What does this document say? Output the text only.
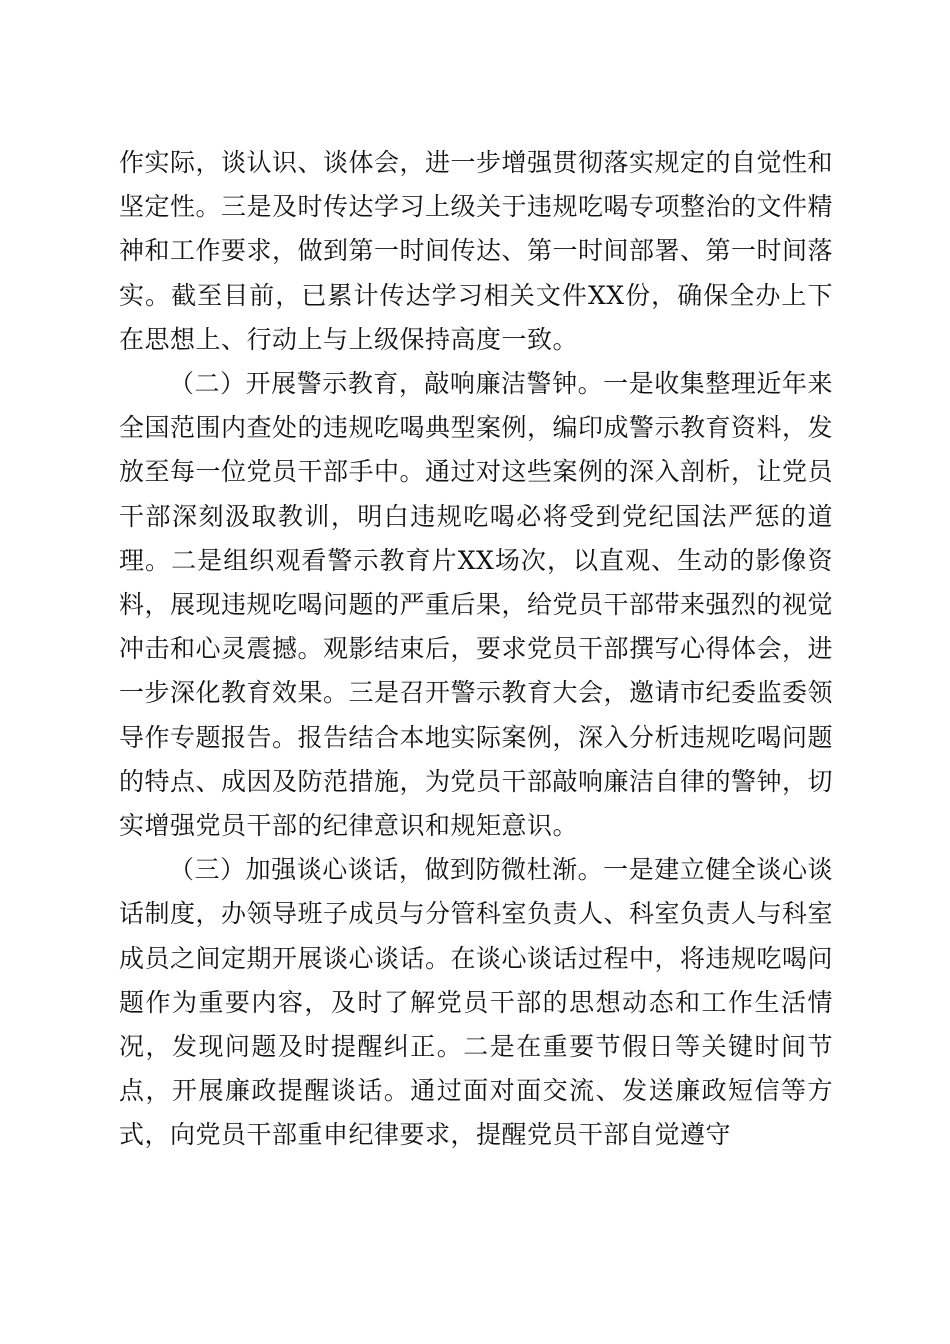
作实际，谈认识、谈体会，进一步增强贯彻落实规定的自觉性和坚定性。三是及时传达学习上级关于违规吃喝专项整治的文件精神和工作要求，做到第一时间传达、第一时间部署、第一时间落实。截至目前，已累计传达学习相关文件XX份，确保全办上下在思想上、行动上与上级保持高度一致。

（二）开展警示教育，敲响廉洁警钟。一是收集整理近年来全国范围内查处的违规吃喝典型案例，编印成警示教育资料，发放至每一位党员干部手中。通过对这些案例的深入剖析，让党员干部深刻汲取教训，明白违规吃喝必将受到党纪国法严惩的道理。二是组织观看警示教育片XX场次，以直观、生动的影像资料，展现违规吃喝问题的严重后果，给党员干部带来强烈的视觉冲击和心灵震撼。观影结束后，要求党员干部撰写心得体会，进一步深化教育效果。三是召开警示教育大会，邀请市纪委监委领导作专题报告。报告结合本地实际案例，深入分析违规吃喝问题的特点、成因及防范措施，为党员干部敲响廉洁自律的警钟，切实增强党员干部的纪律意识和规矩意识。

（三）加强谈心谈话，做到防微杜渐。一是建立健全谈心谈话制度，办领导班子成员与分管科室负责人、科室负责人与科室成员之间定期开展谈心谈话。在谈心谈话过程中，将违规吃喝问题作为重要内容，及时了解党员干部的思想动态和工作生活情况，发现问题及时提醒纠正。二是在重要节假日等关键时间节点，开展廉政提醒谈话。通过面对面交流、发送廉政短信等方式，向党员干部重申纪律要求，提醒党员干部自觉遵守
